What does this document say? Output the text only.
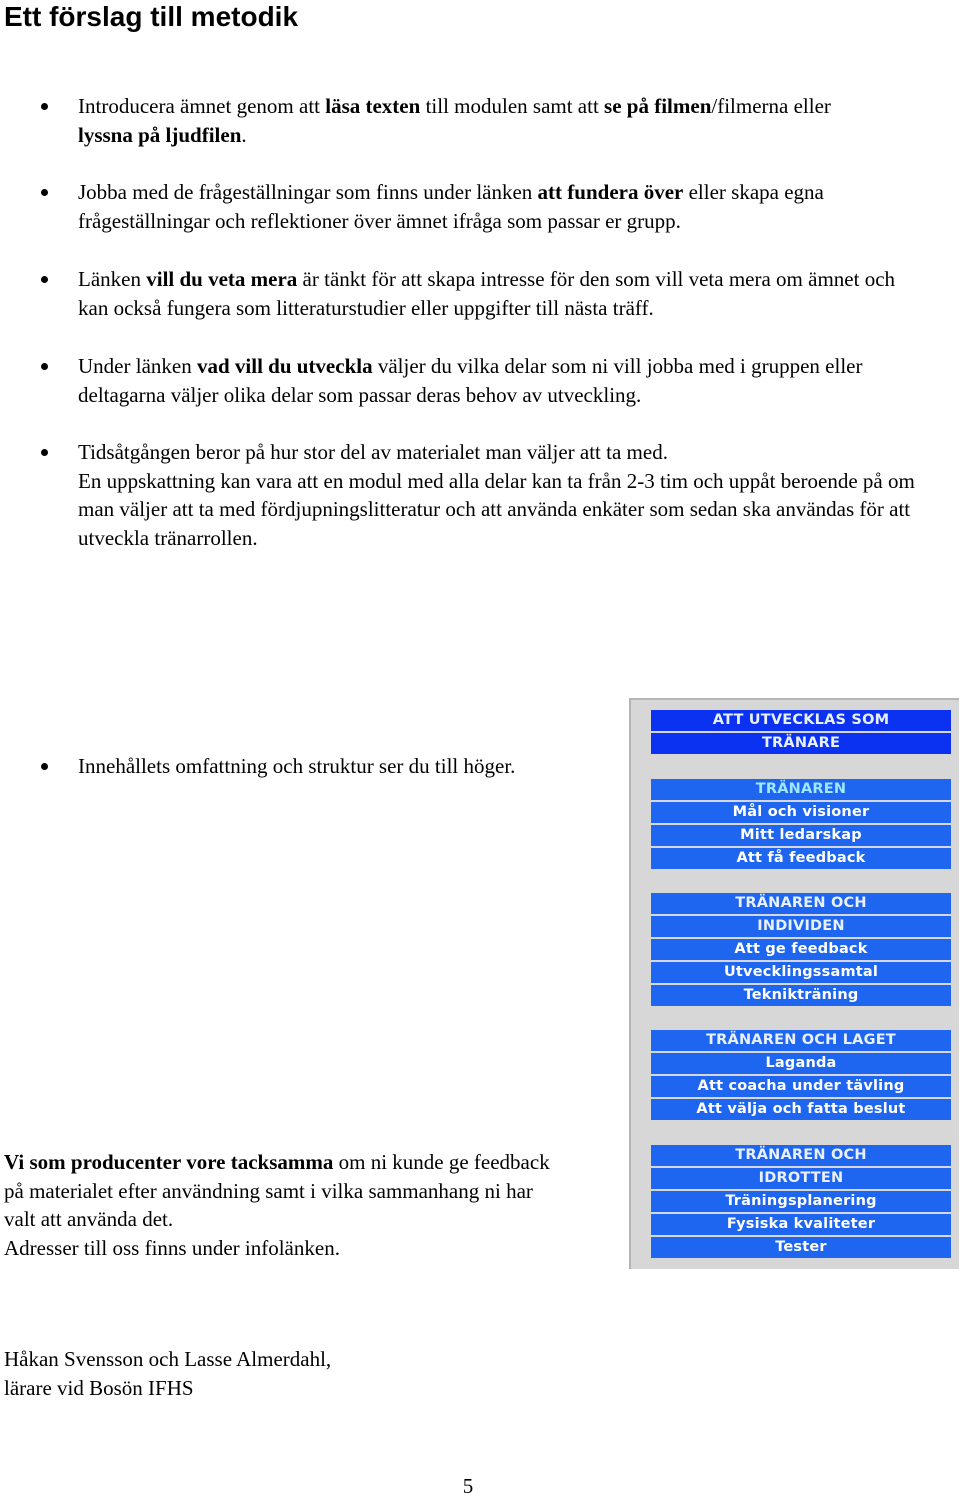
Ett förslag till metodik
Introducera ämnet genom att läsa texten till modulen samt att se på filmen/filmerna eller lyssna på ljudfilen.
Jobba med de frågeställningar som finns under länken att fundera över eller skapa egna frågeställningar och reflektioner över ämnet ifråga som passar er grupp.
Länken vill du veta mera är tänkt för att skapa intresse för den som vill veta mera om ämnet och kan också fungera som litteraturstudier eller uppgifter till nästa träff.
Under länken vad vill du utveckla väljer du vilka delar som ni vill jobba med i gruppen eller deltagarna väljer olika delar som passar deras behov av utveckling.
Tidsåtgången beror på hur stor del av materialet man väljer att ta med.
En uppskattning kan vara att en modul med alla delar kan ta från 2-3 tim och uppåt beroende på om man väljer att ta med fördjupningslitteratur och att använda enkäter som sedan ska användas för att utveckla tränarrollen.
Innehållets omfattning och struktur ser du till höger.
Vi som producenter vore tacksamma om ni kunde ge feedback på materialet efter användning samt i vilka sammanhang ni har valt att använda det.
Adresser till oss finns under infolänken.
Håkan Svensson och Lasse Almerdahl,
lärare vid Bosön IFHS
5
ATT UTVECKLAS SOM
TRÄNARE
TRÄNAREN
Mål och visioner
Mitt ledarskap
Att få feedback
TRÄNAREN OCH
INDIVIDEN
Att ge feedback
Utvecklingssamtal
Teknikträning
TRÄNAREN OCH LAGET
Laganda
Att coacha under tävling
Att välja och fatta beslut
TRÄNAREN OCH
IDROTTEN
Träningsplanering
Fysiska kvaliteter
Tester
